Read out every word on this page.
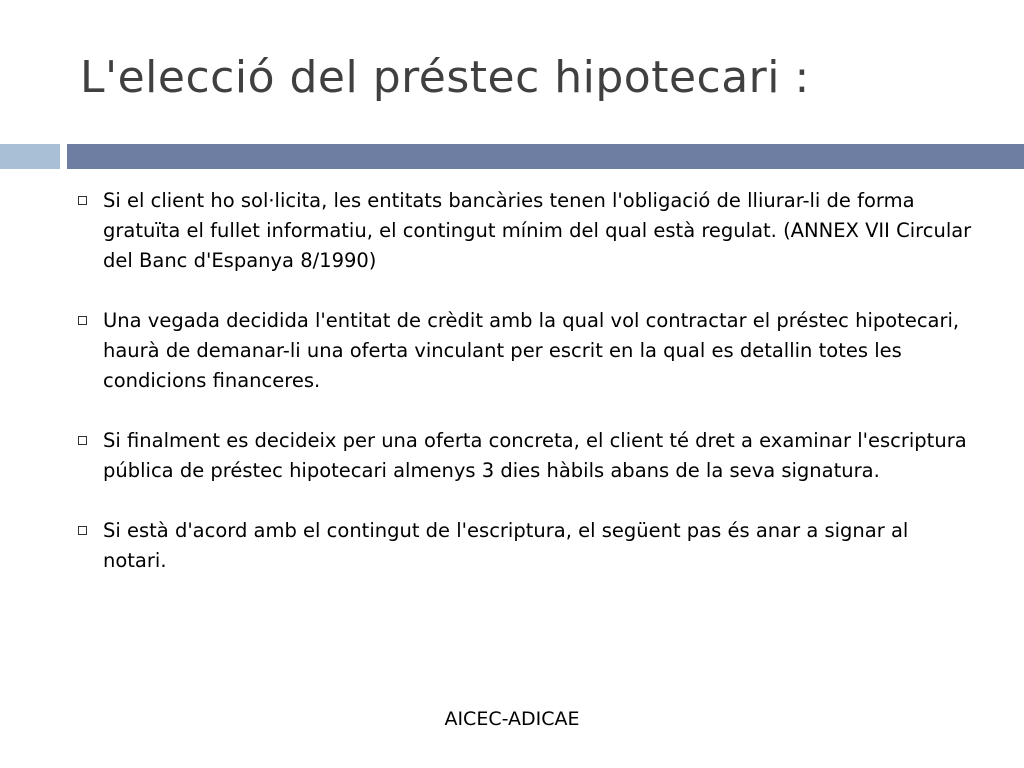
L'elecció del préstec hipotecari :
Si el client ho sol·licita, les entitats bancàries tenen l'obligació de lliurar-li de forma gratuïta el fullet informatiu, el contingut mínim del qual està regulat. (ANNEX VII Circular del Banc d'Espanya 8/1990)
Una vegada decidida l'entitat de crèdit amb la qual vol contractar el préstec hipotecari, haurà de demanar-li una oferta vinculant per escrit en la qual es detallin totes les condicions financeres.
Si finalment es decideix per una oferta concreta, el client té dret a examinar l'escriptura pública de préstec hipotecari almenys 3 dies hàbils abans de la seva signatura.
Si està d'acord amb el contingut de l'escriptura, el següent pas és anar a signar al notari.
AICEC-ADICAE
